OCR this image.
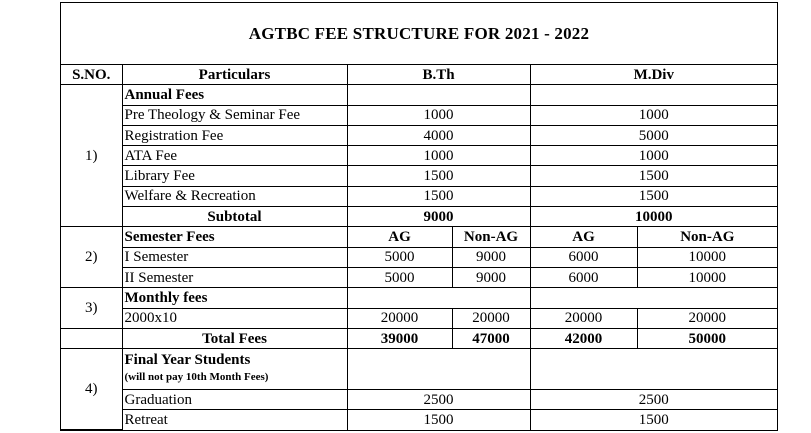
AGTBC FEE STRUCTURE FOR 2021 - 2022
S.NO.	Particulars	B.Th		M.Div	
1)	Annual Fees				
	Pre Theology & Seminar Fee	1000		1000	
	Registration Fee	4000		5000	
	ATA Fee	1000		1000	
	Library Fee	1500		1500	
	Welfare & Recreation	1500		1500	
	Subtotal	9000		10000	
2)	Semester Fees	AG	Non-AG	AG	Non-AG
	I Semester	5000	9000	6000	10000
	II Semester	5000	9000	6000	10000
3)	Monthly fees				
	2000x10	20000	20000	20000	20000
	Total Fees	39000	47000	42000	50000
4)	Final Year Students
(will not pay 10th Month Fees)				

	Graduation	2500		2500	
	Retreat	1500		1500	
